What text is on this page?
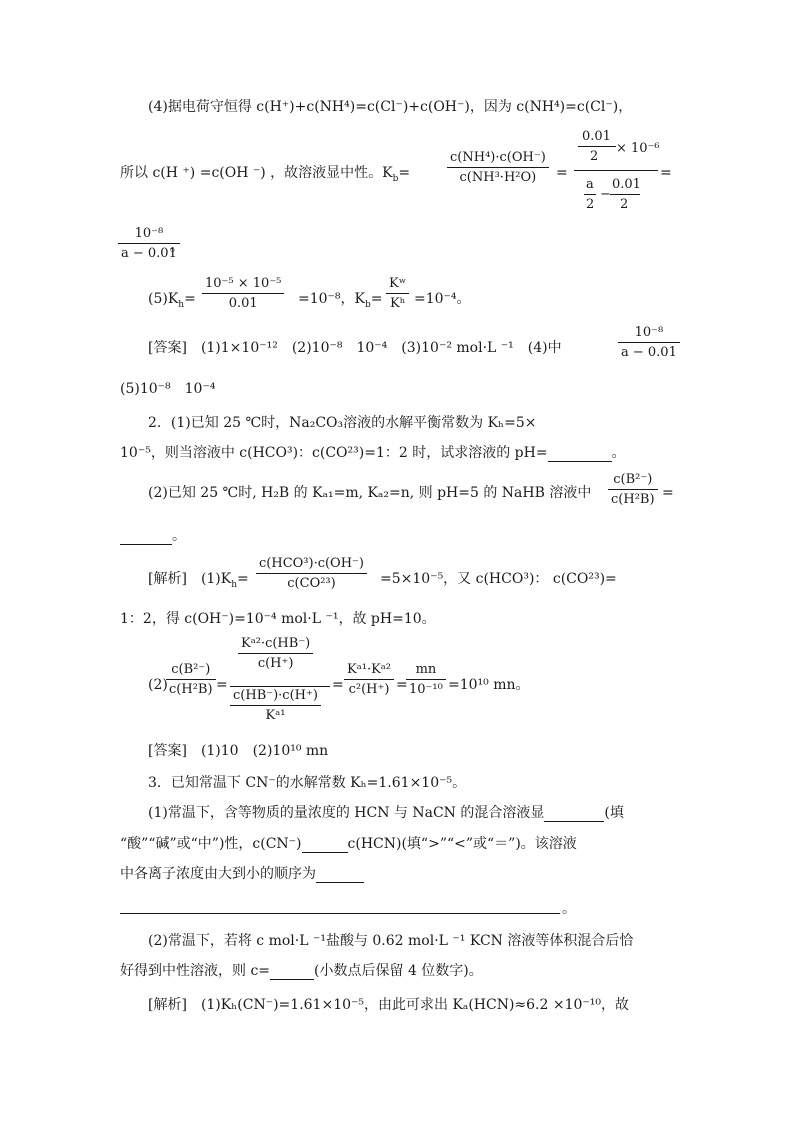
(4)据电荷守恒得 c(H⁺)+c(NH⁴)=c(Cl⁻)+c(OH⁻)，因为 c(NH⁴)=c(Cl⁻)，
所以 c(H ⁺) =c(OH ⁻) ，故溶液显中性。$K_b=$
c(NH⁴)·c(OH⁻)
c(NH³·H²O)	=
0.01
2
× 10⁻⁶
a
2
−
0.01
2
=
10⁻⁸
a − 0.01
。
$(5)K_h=$
10⁻⁵ × 10⁻⁵
0.01	=10⁻⁸，$K_b=$
Kʷ
Kʰ =10⁻⁴。
[答案]　 (1)1×10⁻¹²　(2)10⁻⁸　10⁻⁴　(3)10⁻² mol·L ⁻¹　(4)中
10⁻⁸
a − 0.01
(5)10⁻⁸　10⁻⁴
2．(1)已知 25 ℃时，Na₂CO₃溶液的水解平衡常数为 Kₕ=5×
10⁻⁵，则当溶液中 c(HCO³)：c(CO²³)=1：2 时，试求溶液的 pH=	。
(2)已知 25 ℃时, H₂B 的 Kₐ₁=m, Kₐ₂=n, 则 pH=5 的 NaHB 溶液中
c(B²⁻)
c(H²B) =
。
[解析]　 $(1)K_h=$
c(HCO³)·c(OH⁻)
c(CO²³)	=5×10⁻⁵，又 c(HCO³)： c(CO²³)=
1：2，得 c(OH⁻)=10⁻⁴ mol·L ⁻¹，故 pH=10。
(2)
c(B²⁻)
c(H²B) =
Kᵃ²·c(HB⁻)
c(H⁺)
c(HB⁻)·c(H⁺)
Kᵃ¹
=
Kᵃ¹·Kᵃ²
c²(H⁺) =
mn
10⁻¹⁰ =10¹⁰ mn。
[答案]　 (1)10　(2)10¹⁰ mn
3．已知常温下 CN⁻的水解常数 Kₕ=1.61×10⁻⁵。
(1)常温下，含等物质的量浓度的 HCN 与 NaCN 的混合溶液显	(填
“酸”“碱”或“中”)性，c(CN⁻)	c(HCN)(填“>”“<”或“＝”)。该溶液
中各离子浓度由大到小的顺序为
。
(2)常温下，若将 c mol·L ⁻¹盐酸与 0.62 mol·L ⁻¹ KCN 溶液等体积混合后恰
好得到中性溶液，则 c=	(小数点后保留 4 位数字)。
[解析]　 (1)Kₕ(CN⁻)=1.61×10⁻⁵，由此可求出 Kₐ(HCN)≈6.2 ×10⁻¹⁰，故
